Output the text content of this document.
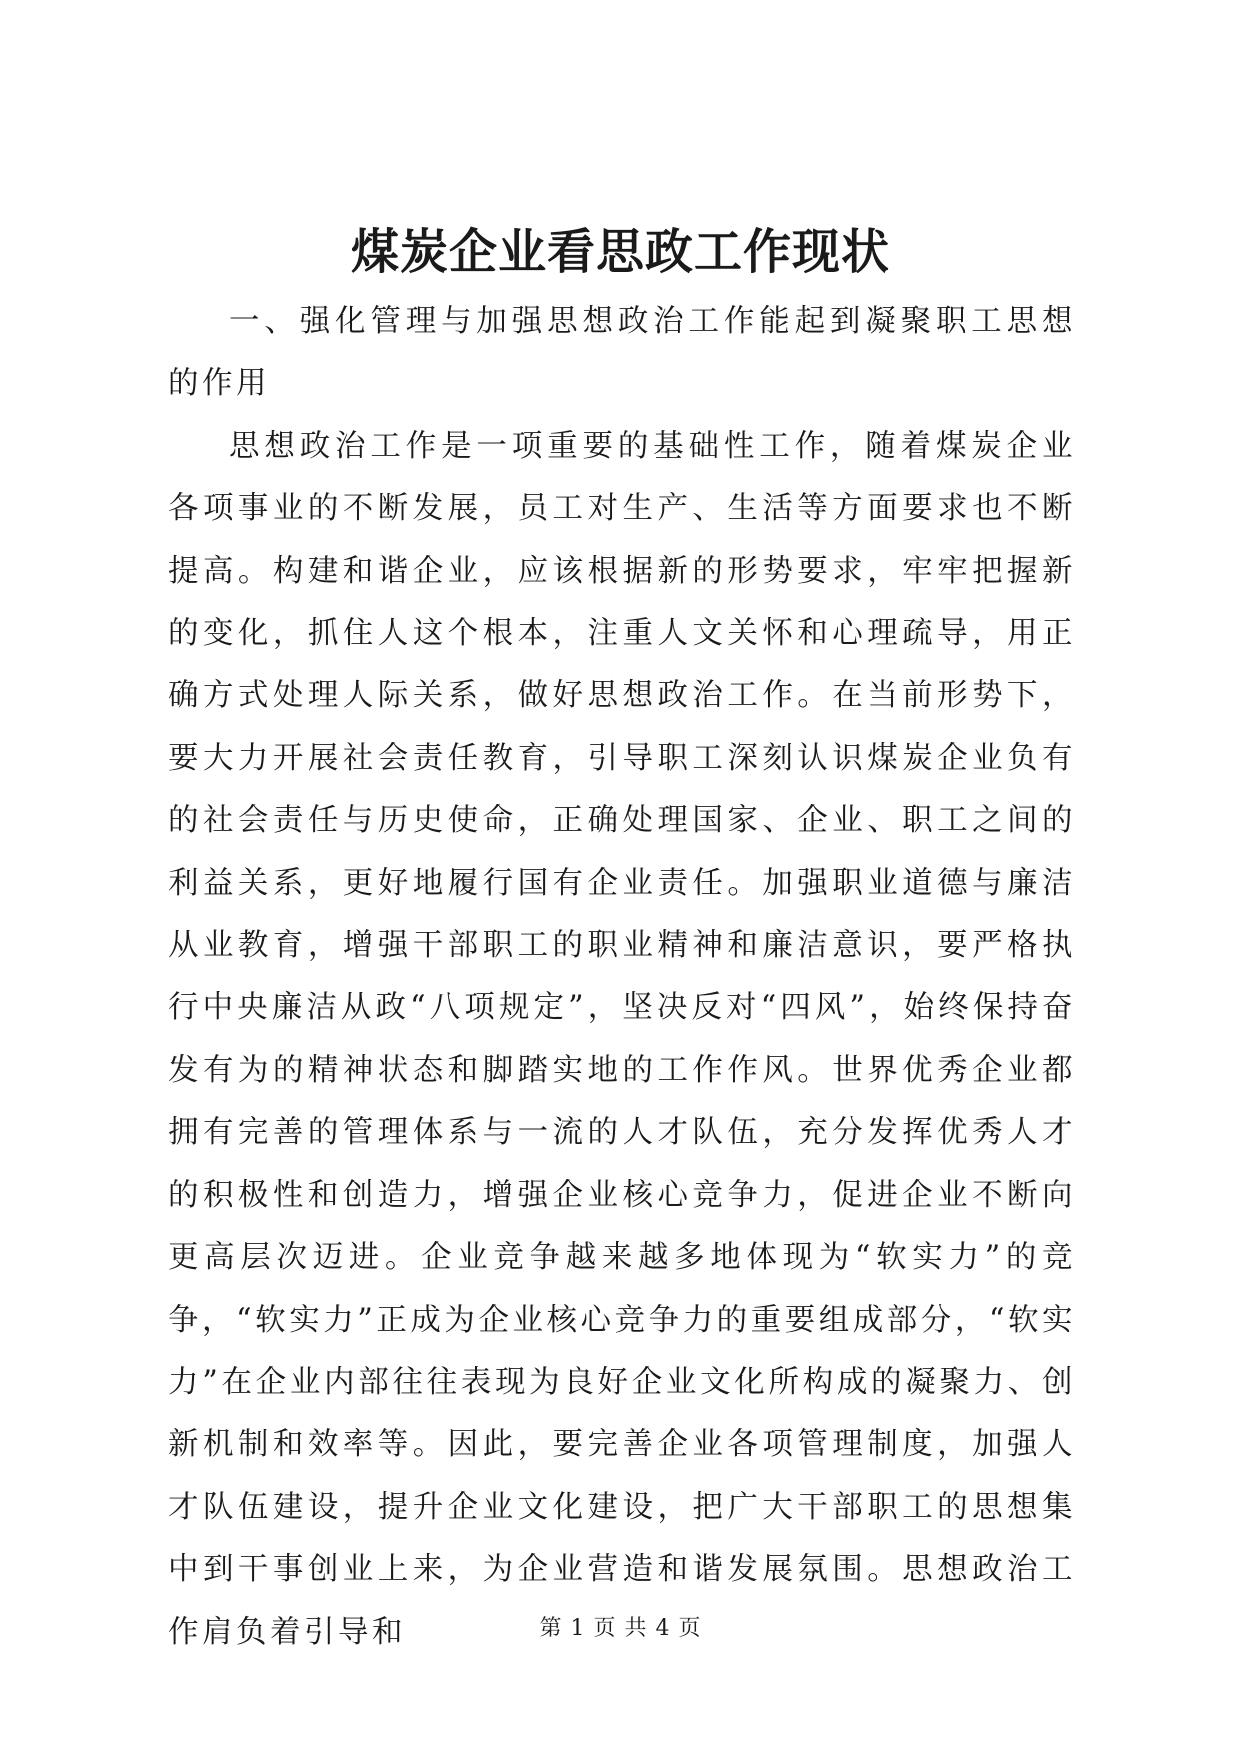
煤炭企业看思政工作现状

一、强化管理与加强思想政治工作能起到凝聚职工思想的作用

思想政治工作是一项重要的基础性工作，随着煤炭企业各项事业的不断发展，员工对生产、生活等方面要求也不断提高。构建和谐企业，应该根据新的形势要求，牢牢把握新的变化，抓住人这个根本，注重人文关怀和心理疏导，用正确方式处理人际关系，做好思想政治工作。在当前形势下，要大力开展社会责任教育，引导职工深刻认识煤炭企业负有的社会责任与历史使命，正确处理国家、企业、职工之间的利益关系，更好地履行国有企业责任。加强职业道德与廉洁从业教育，增强干部职工的职业精神和廉洁意识，要严格执行中央廉洁从政“八项规定”，坚决反对“四风”，始终保持奋发有为的精神状态和脚踏实地的工作作风。世界优秀企业都拥有完善的管理体系与一流的人才队伍，充分发挥优秀人才的积极性和创造力，增强企业核心竞争力，促进企业不断向更高层次迈进。企业竞争越来越多地体现为“软实力”的竞争，“软实力”正成为企业核心竞争力的重要组成部分，“软实力”在企业内部往往表现为良好企业文化所构成的凝聚力、创新机制和效率等。因此，要完善企业各项管理制度，加强人才队伍建设，提升企业文化建设，把广大干部职工的思想集中到干事创业上来，为企业营造和谐发展氛围。思想政治工作肩负着引导和	第 1 页 共 4 页
